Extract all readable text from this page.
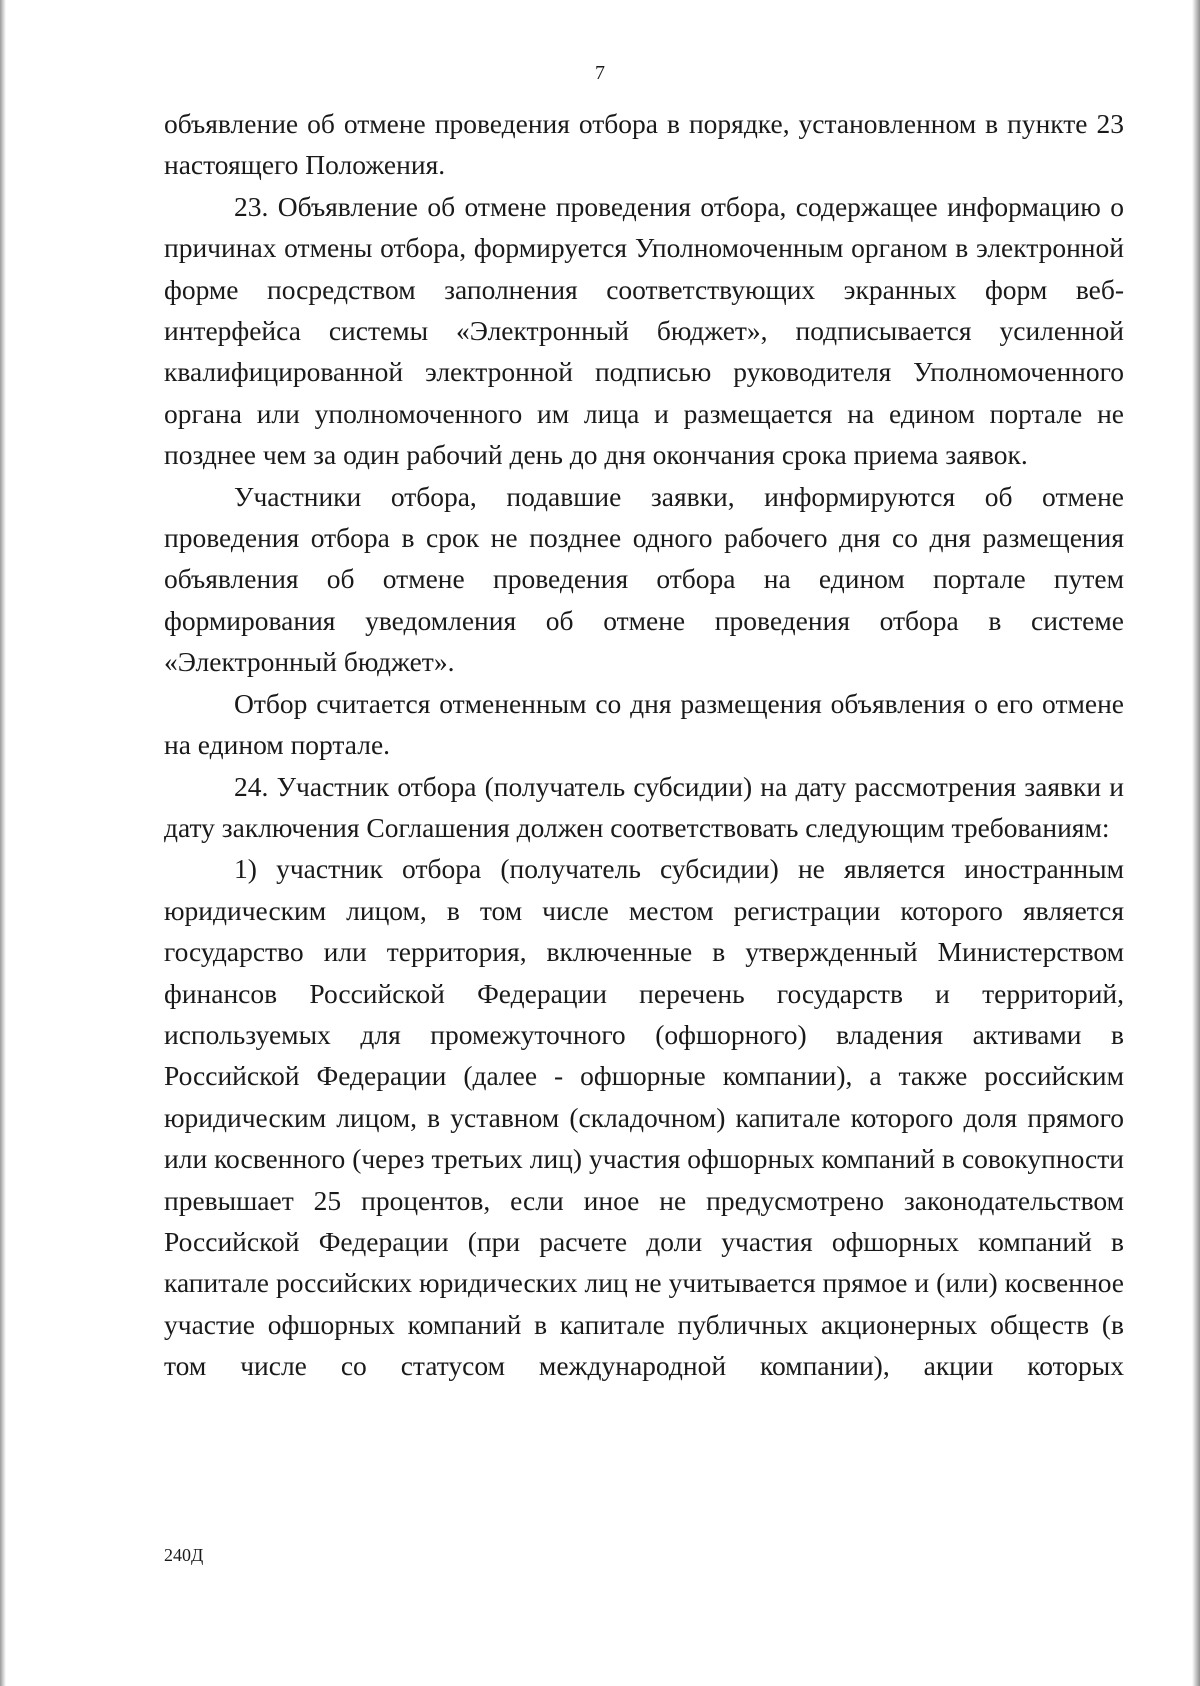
7

объявление об отмене проведения отбора в порядке, установленном в пункте 23 настоящего Положения.

23. Объявление об отмене проведения отбора, содержащее информацию о причинах отмены отбора, формируется Уполномоченным органом в электронной форме посредством заполнения соответствующих экранных форм веб-интерфейса системы «Электронный бюджет», подписывается усиленной квалифицированной электронной подписью руководителя Уполномоченного органа или уполномоченного им лица и размещается на едином портале не позднее чем за один рабочий день до дня окончания срока приема заявок.

Участники отбора, подавшие заявки, информируются об отмене проведения отбора в срок не позднее одного рабочего дня со дня размещения объявления об отмене проведения отбора на едином портале путем формирования уведомления об отмене проведения отбора в системе «Электронный бюджет».

Отбор считается отмененным со дня размещения объявления о его отмене на едином портале.

24. Участник отбора (получатель субсидии) на дату рассмотрения заявки и дату заключения Соглашения должен соответствовать следующим требованиям:

1) участник отбора (получатель субсидии) не является иностранным юридическим лицом, в том числе местом регистрации которого является государство или территория, включенные в утвержденный Министерством финансов Российской Федерации перечень государств и территорий, используемых для промежуточного (офшорного) владения активами в Российской Федерации (далее - офшорные компании), а также российским юридическим лицом, в уставном (складочном) капитале которого доля прямого или косвенного (через третьих лиц) участия офшорных компаний в совокупности превышает 25 процентов, если иное не предусмотрено законодательством Российской Федерации (при расчете доли участия офшорных компаний в капитале российских юридических лиц не учитывается прямое и (или) косвенное участие офшорных компаний в капитале публичных акционерных обществ (в том числе со статусом международной компании), акции которых

240Д
